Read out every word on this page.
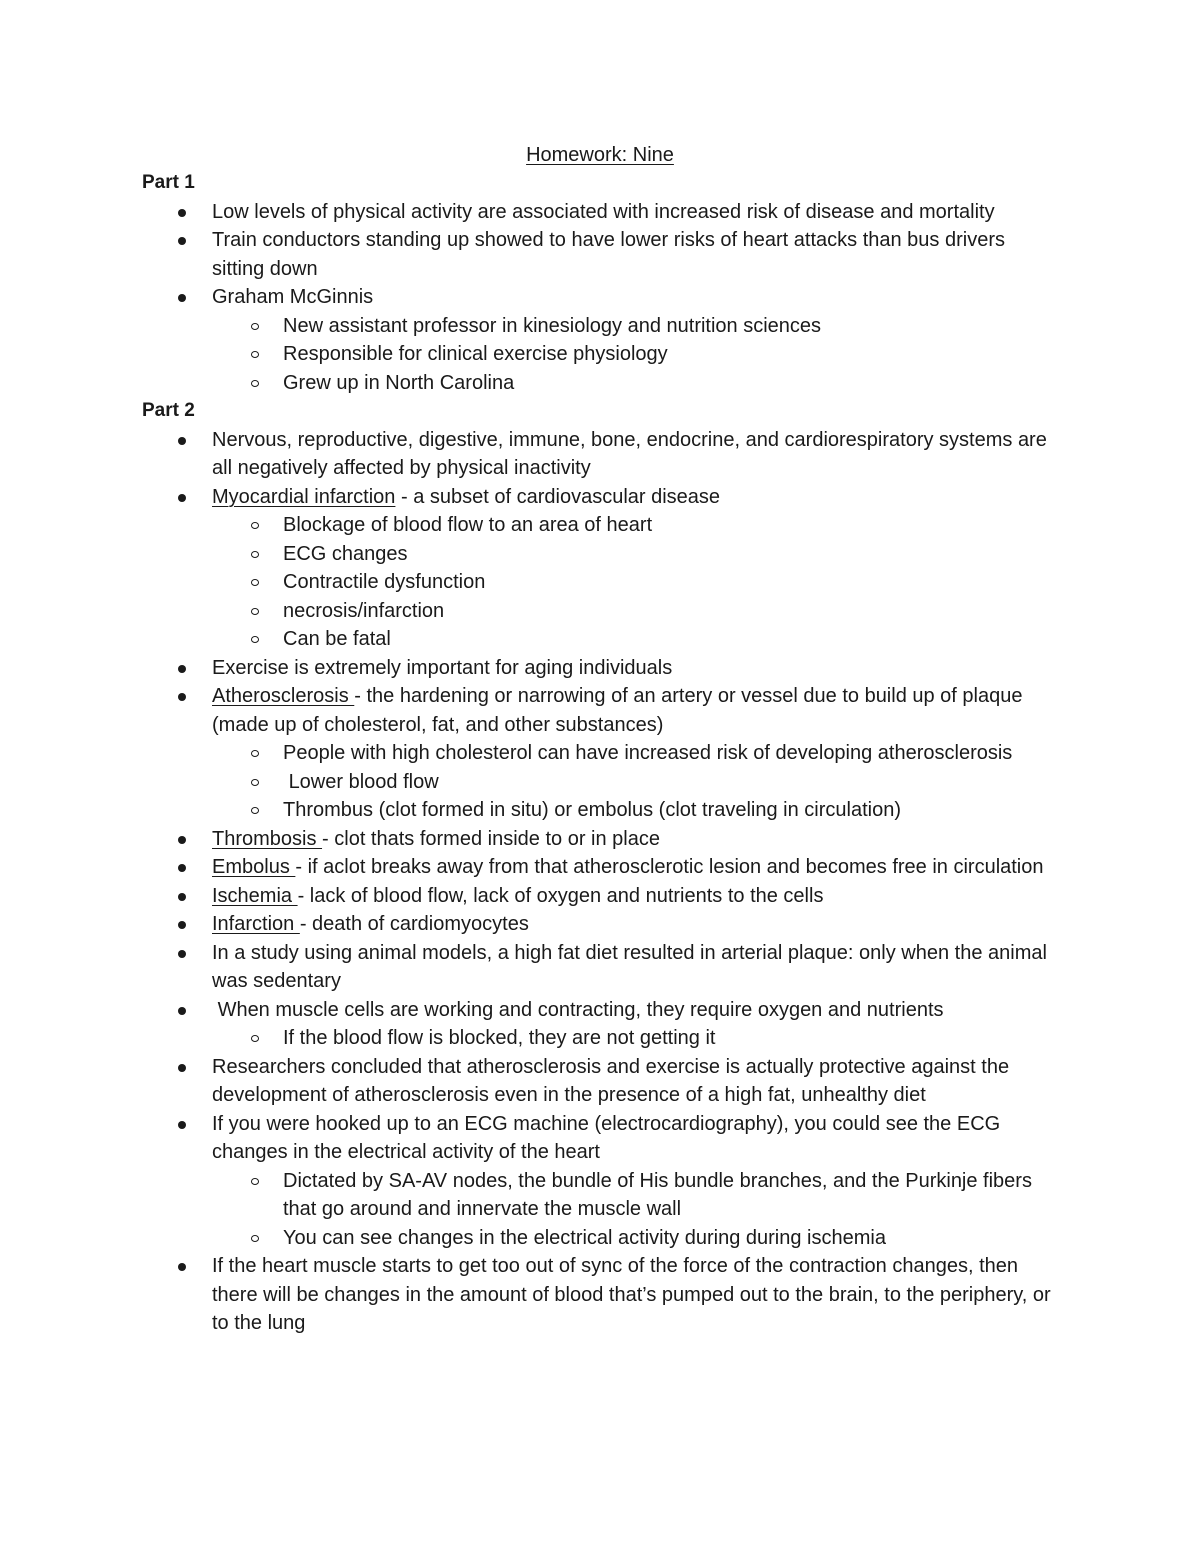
Homework: Nine

Part 1

Low levels of physical activity are associated with increased risk of disease and mortality
Train conductors standing up showed to have lower risks of heart attacks than bus drivers sitting down
Graham McGinnis
New assistant professor in kinesiology and nutrition sciences
Responsible for clinical exercise physiology
Grew up in North Carolina

Part 2

Nervous, reproductive, digestive, immune, bone, endocrine, and cardiorespiratory systems are all negatively affected by physical inactivity
Myocardial infarction - a subset of cardiovascular disease
Blockage of blood flow to an area of heart
ECG changes
Contractile dysfunction
necrosis/infarction
Can be fatal
Exercise is extremely important for aging individuals
Atherosclerosis - the hardening or narrowing of an artery or vessel due to build up of plaque (made up of cholesterol, fat, and other substances)
People with high cholesterol can have increased risk of developing atherosclerosis
Lower blood flow
Thrombus (clot formed in situ) or embolus (clot traveling in circulation)
Thrombosis - clot thats formed inside to or in place
Embolus - if aclot breaks away from that atherosclerotic lesion and becomes free in circulation
Ischemia - lack of blood flow, lack of oxygen and nutrients to the cells
Infarction - death of cardiomyocytes
In a study using animal models, a high fat diet resulted in arterial plaque: only when the animal was sedentary
When muscle cells are working and contracting, they require oxygen and nutrients
If the blood flow is blocked, they are not getting it
Researchers concluded that atherosclerosis and exercise is actually protective against the development of atherosclerosis even in the presence of a high fat, unhealthy diet
If you were hooked up to an ECG machine (electrocardiography), you could see the ECG changes in the electrical activity of the heart
Dictated by SA-AV nodes, the bundle of His bundle branches, and the Purkinje fibers that go around and innervate the muscle wall
You can see changes in the electrical activity during during ischemia
If the heart muscle starts to get too out of sync of the force of the contraction changes, then there will be changes in the amount of blood that’s pumped out to the brain, to the periphery, or to the lung
